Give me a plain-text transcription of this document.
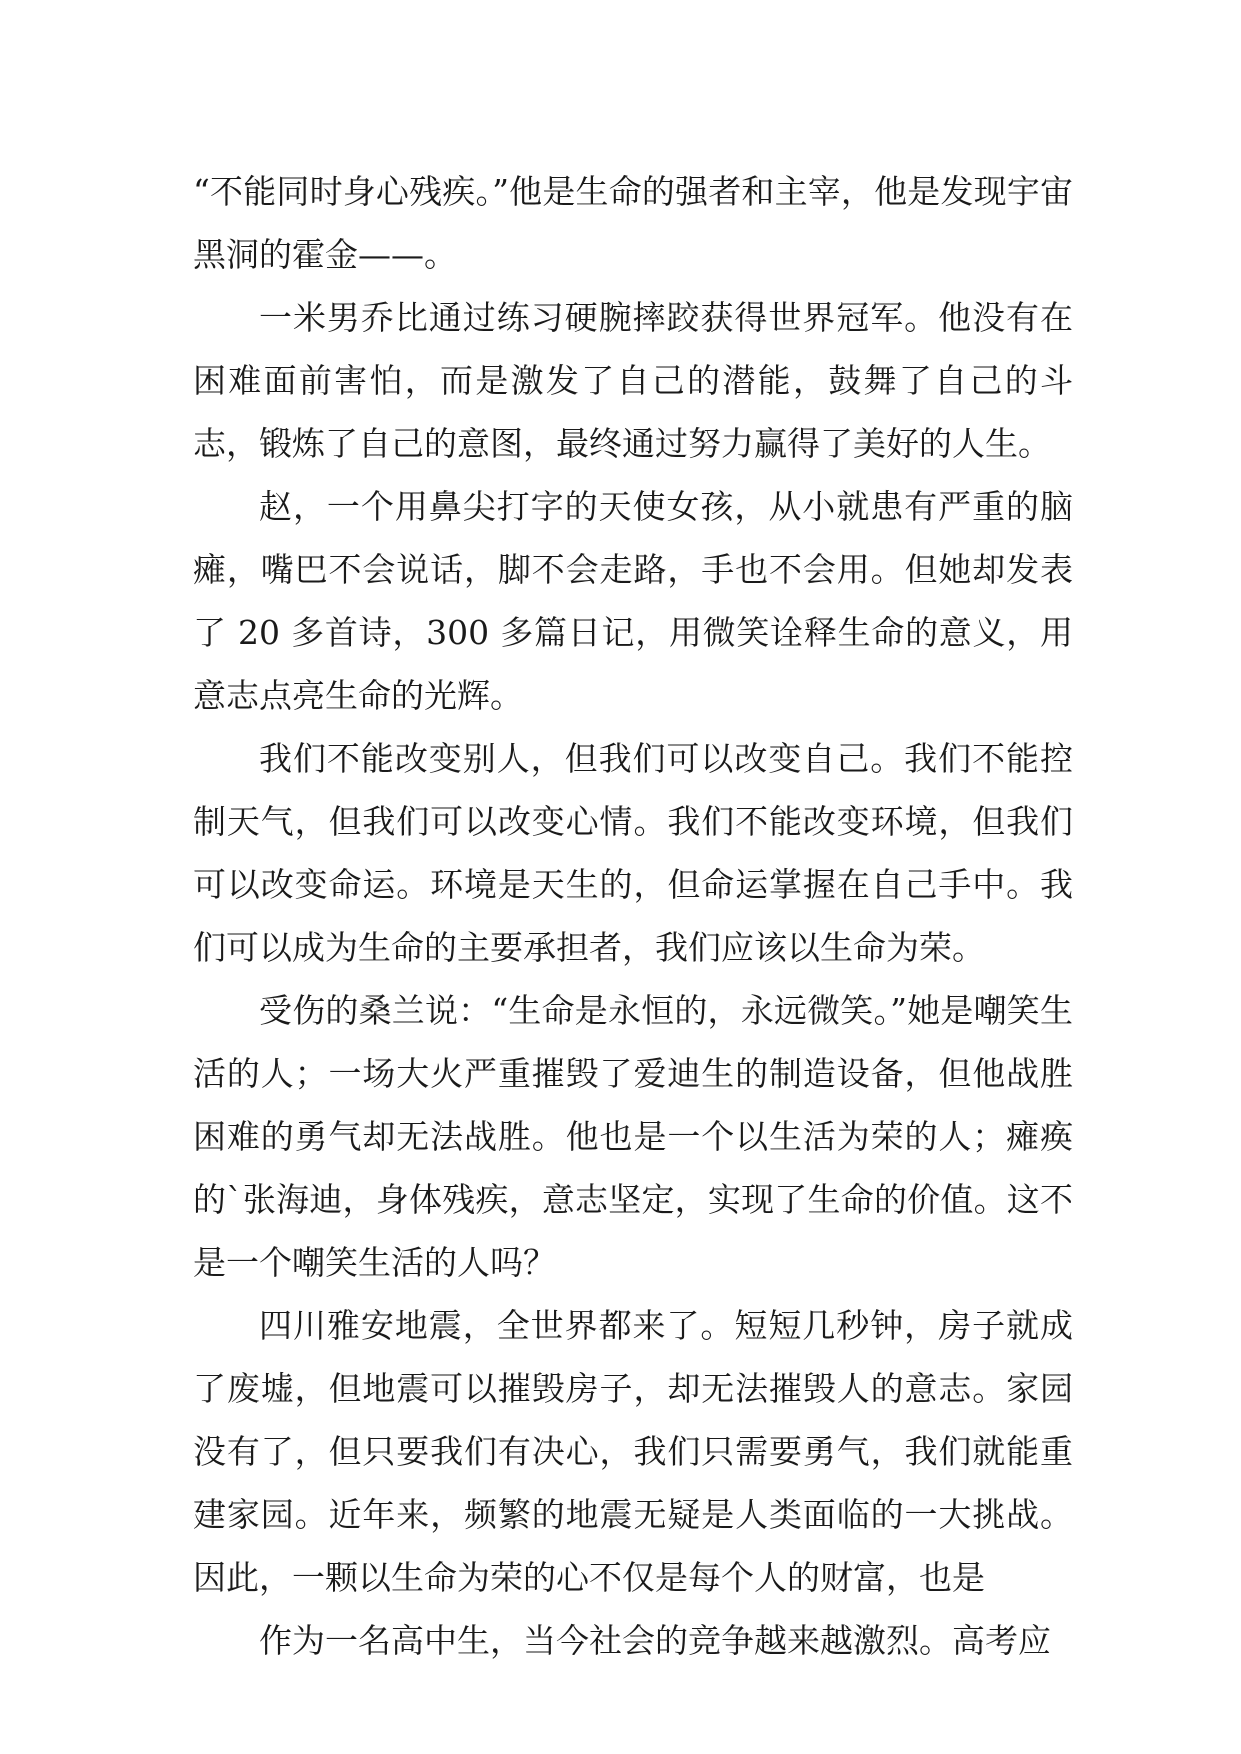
“不能同时身心残疾。”他是生命的强者和主宰，他是发现宇宙黑洞的霍金——。

一米男乔比通过练习硬腕摔跤获得世界冠军。他没有在困难面前害怕，而是激发了自己的潜能，鼓舞了自己的斗志，锻炼了自己的意图，最终通过努力赢得了美好的人生。

赵，一个用鼻尖打字的天使女孩，从小就患有严重的脑瘫，嘴巴不会说话，脚不会走路，手也不会用。但她却发表了 20 多首诗，300 多篇日记，用微笑诠释生命的意义，用意志点亮生命的光辉。

我们不能改变别人，但我们可以改变自己。我们不能控制天气，但我们可以改变心情。我们不能改变环境，但我们可以改变命运。环境是天生的，但命运掌握在自己手中。我们可以成为生命的主要承担者，我们应该以生命为荣。

受伤的桑兰说：“生命是永恒的，永远微笑。”她是嘲笑生活的人；一场大火严重摧毁了爱迪生的制造设备，但他战胜困难的勇气却无法战胜。他也是一个以生活为荣的人；瘫痪的`张海迪，身体残疾，意志坚定，实现了生命的价值。这不是一个嘲笑生活的人吗？

四川雅安地震，全世界都来了。短短几秒钟，房子就成了废墟，但地震可以摧毁房子，却无法摧毁人的意志。家园没有了，但只要我们有决心，我们只需要勇气，我们就能重建家园。近年来，频繁的地震无疑是人类面临的一大挑战。因此，一颗以生命为荣的心不仅是每个人的财富，也是

作为一名高中生，当今社会的竞争越来越激烈。高考应
